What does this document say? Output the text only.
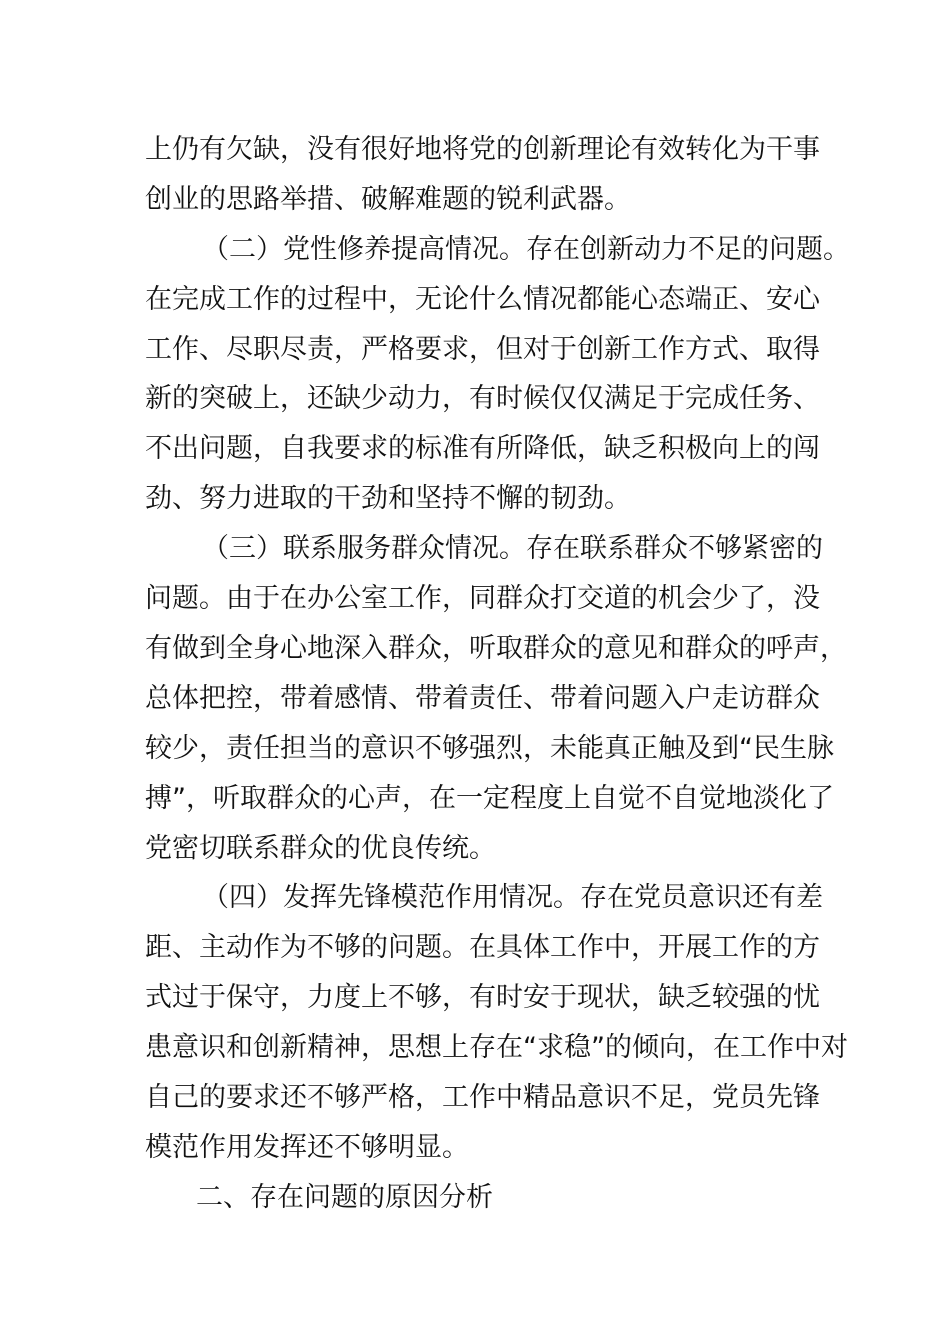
上仍有欠缺，没有很好地将党的创新理论有效转化为干事
创业的思路举措、破解难题的锐利武器。
（二）党性修养提高情况。存在创新动力不足的问题。
在完成工作的过程中，无论什么情况都能心态端正、安心
工作、尽职尽责，严格要求，但对于创新工作方式、取得
新的突破上，还缺少动力，有时候仅仅满足于完成任务、
不出问题，自我要求的标准有所降低，缺乏积极向上的闯
劲、努力进取的干劲和坚持不懈的韧劲。
（三）联系服务群众情况。存在联系群众不够紧密的
问题。由于在办公室工作，同群众打交道的机会少了，没
有做到全身心地深入群众，听取群众的意见和群众的呼声，
总体把控，带着感情、带着责任、带着问题入户走访群众
较少，责任担当的意识不够强烈，未能真正触及到“民生脉
搏”，听取群众的心声，在一定程度上自觉不自觉地淡化了
党密切联系群众的优良传统。
（四）发挥先锋模范作用情况。存在党员意识还有差
距、主动作为不够的问题。在具体工作中，开展工作的方
式过于保守，力度上不够，有时安于现状，缺乏较强的忧
患意识和创新精神，思想上存在“求稳”的倾向，在工作中对
自己的要求还不够严格，工作中精品意识不足，党员先锋
模范作用发挥还不够明显。
二、存在问题的原因分析
